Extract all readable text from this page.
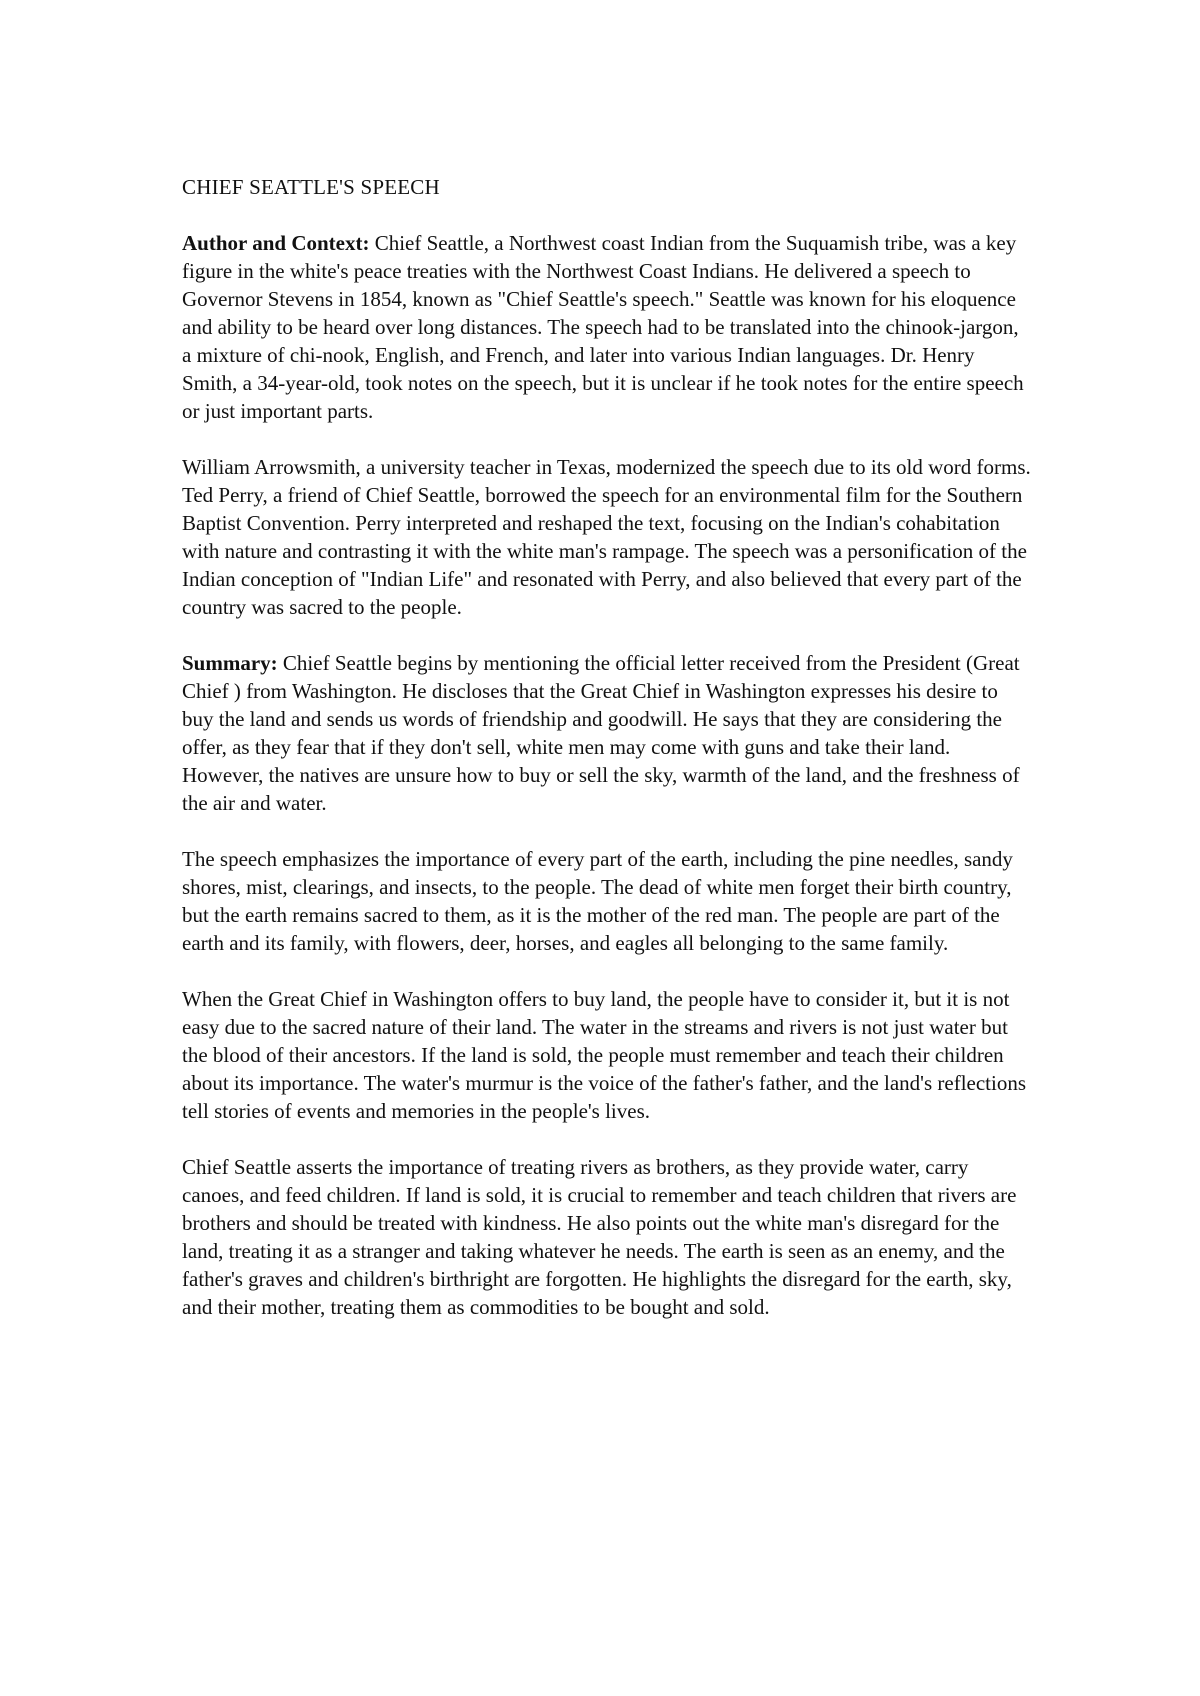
CHIEF SEATTLE'S SPEECH

Author and Context: Chief Seattle, a Northwest coast Indian from the Suquamish tribe, was a key figure in the white's peace treaties with the Northwest Coast Indians. He delivered a speech to Governor Stevens in 1854, known as "Chief Seattle's speech." Seattle was known for his eloquence and ability to be heard over long distances. The speech had to be translated into the chinook-jargon, a mixture of chi-nook, English, and French, and later into various Indian languages. Dr. Henry Smith, a 34-year-old, took notes on the speech, but it is unclear if he took notes for the entire speech or just important parts.

William Arrowsmith, a university teacher in Texas, modernized the speech due to its old word forms. Ted Perry, a friend of Chief Seattle, borrowed the speech for an environmental film for the Southern Baptist Convention. Perry interpreted and reshaped the text, focusing on the Indian's cohabitation with nature and contrasting it with the white man's rampage. The speech was a personification of the Indian conception of "Indian Life" and resonated with Perry, and also believed that every part of the country was sacred to the people.

Summary: Chief Seattle begins by mentioning the official letter received from the President (Great Chief ) from Washington. He discloses that the Great Chief in Washington expresses his desire to buy the land and sends us words of friendship and goodwill. He says that they are considering the offer, as they fear that if they don't sell, white men may come with guns and take their land. However, the natives are unsure how to buy or sell the sky, warmth of the land, and the freshness of the air and water.

The speech emphasizes the importance of every part of the earth, including the pine needles, sandy shores, mist, clearings, and insects, to the people. The dead of white men forget their birth country, but the earth remains sacred to them, as it is the mother of the red man. The people are part of the earth and its family, with flowers, deer, horses, and eagles all belonging to the same family.

When the Great Chief in Washington offers to buy land, the people have to consider it, but it is not easy due to the sacred nature of their land. The water in the streams and rivers is not just water but the blood of their ancestors. If the land is sold, the people must remember and teach their children about its importance. The water's murmur is the voice of the father's father, and the land's reflections tell stories of events and memories in the people's lives.

Chief Seattle asserts the importance of treating rivers as brothers, as they provide water, carry canoes, and feed children. If land is sold, it is crucial to remember and teach children that rivers are brothers and should be treated with kindness. He also points out the white man's disregard for the land, treating it as a stranger and taking whatever he needs. The earth is seen as an enemy, and the father's graves and children's birthright are forgotten. He highlights the disregard for the earth, sky, and their mother, treating them as commodities to be bought and sold.
